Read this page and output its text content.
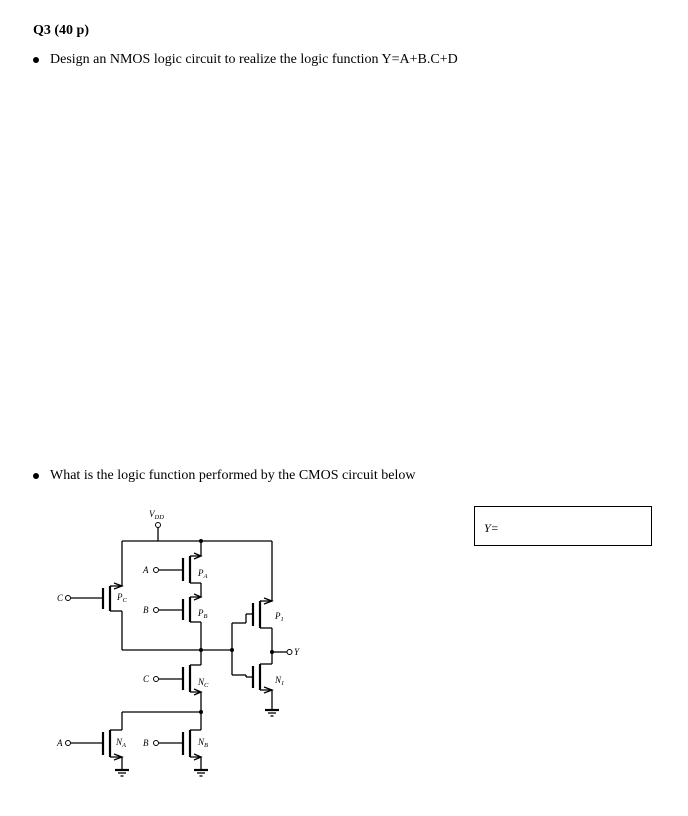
Q3 (40 p)
Design an NMOS logic circuit to realize the logic function Y=A+B.C+D
What is the logic function performed by the CMOS circuit below
Y=
$V_{DD}$
A	$P_A$
B	$P_B$
C	$P_C$
$P_1$
Y
C	$N_C$
$N_1$
A	$N_A$ B	$N_B$
